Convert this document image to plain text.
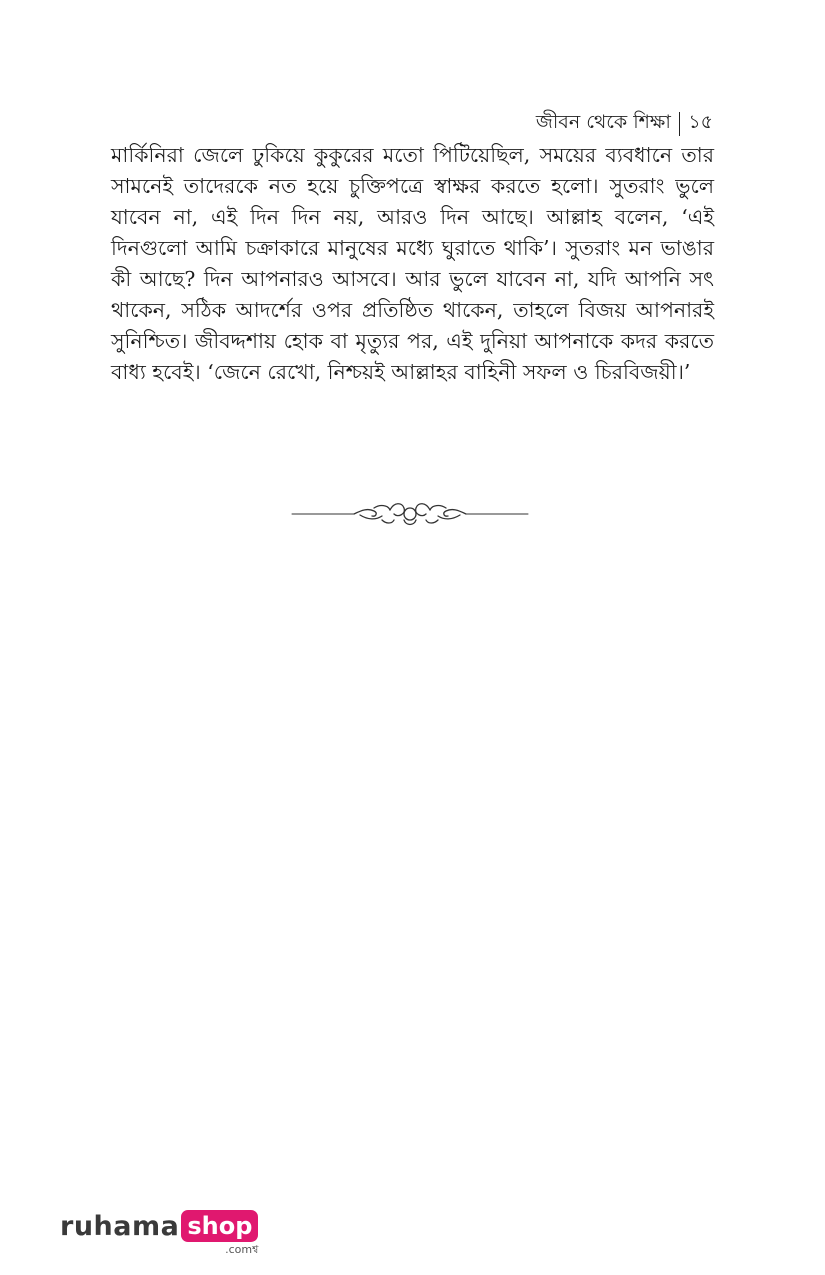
জীবন থেকে শিক্ষা ১৫

মার্কিনিরা জেলে ঢুকিয়ে কুকুরের মতো পিটিয়েছিল, সময়ের ব্যবধানে তার সামনেই তাদেরকে নত হয়ে চুক্তিপত্রে স্বাক্ষর করতে হলো। সুতরাং ভুলে যাবেন না, এই দিন দিন নয়, আরও দিন আছে। আল্লাহ বলেন, ‘এই দিনগুলো আমি চক্রাকারে মানুষের মধ্যে ঘুরাতে থাকি’। সুতরাং মন ভাঙার কী আছে? দিন আপনারও আসবে। আর ভুলে যাবেন না, যদি আপনি সৎ থাকেন, সঠিক আদর্শের ওপর প্রতিষ্ঠিত থাকেন, তাহলে বিজয় আপনারই সুনিশ্চিত। জীবদ্দশায় হোক বা মৃত্যুর পর, এই দুনিয়া আপনাকে কদর করতে বাধ্য হবেই। ‘জেনে রেখো, নিশ্চয়ই আল্লাহর বাহিনী সফল ও চিরবিজয়ী।’

ruhama shop
.comশ্ব
